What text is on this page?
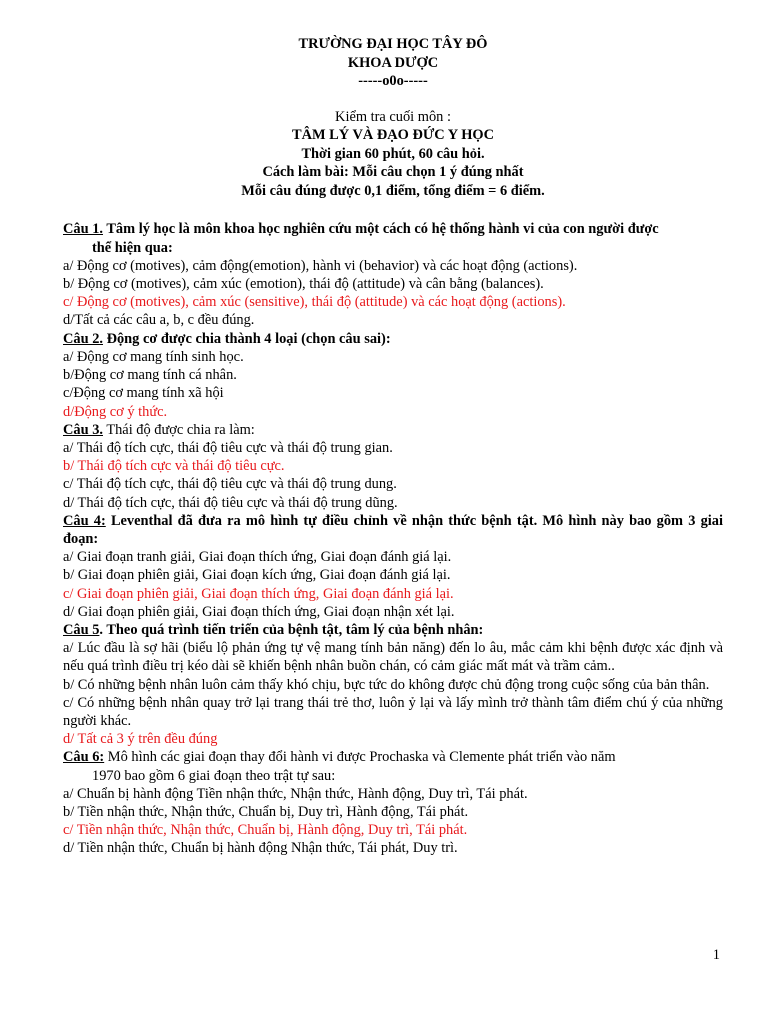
TRƯỜNG ĐẠI HỌC TÂY ĐÔ
KHOA DƯỢC
-----o0o-----
Kiểm tra cuối môn :
TÂM LÝ VÀ ĐẠO ĐỨC Y HỌC
Thời gian 60 phút, 60 câu hỏi.
Cách làm bài: Mỗi câu chọn 1 ý đúng nhất
Mỗi câu đúng được 0,1 điểm, tổng điểm = 6 điểm.
Câu 1. Tâm lý học là môn khoa học nghiên cứu một cách có hệ thống hành vi của con người được
thể hiện qua:
a/ Động cơ (motives), cảm động(emotion), hành vi (behavior) và các hoạt động (actions).
b/ Động cơ (motives), cảm xúc (emotion), thái độ (attitude) và cân bằng (balances).
c/ Động cơ (motives), cảm xúc (sensitive), thái độ (attitude) và các hoạt động (actions).
d/Tất cả các câu a, b, c đều đúng.
Câu 2. Động cơ được chia thành 4 loại (chọn câu sai):
a/ Động cơ mang tính sinh học.
b/Động cơ mang tính cá nhân.
c/Động cơ mang tính xã hội
d/Động cơ ý thức.
Câu 3. Thái độ được chia ra làm:
a/ Thái độ tích cực, thái độ tiêu cực và thái độ trung gian.
b/ Thái độ tích cực và thái độ tiêu cực.
c/ Thái độ tích cực, thái độ tiêu cực và thái độ trung dung.
d/ Thái độ tích cực, thái độ tiêu cực và thái độ trung dũng.
Câu 4: Leventhal đã đưa ra mô hình tự điều chỉnh về nhận thức bệnh tật. Mô hình này bao gồm 3 giai đoạn:
a/ Giai đoạn tranh giải, Giai đoạn thích ứng, Giai đoạn đánh giá lại.
b/ Giai đoạn phiên giải, Giai đoạn kích ứng, Giai đoạn đánh giá lại.
c/ Giai đoạn phiên giải, Giai đoạn thích ứng, Giai đoạn đánh giá lại.
d/ Giai đoạn phiên giải, Giai đoạn thích ứng, Giai đoạn nhận xét lại.
Câu 5. Theo quá trình tiến triển của bệnh tật, tâm lý của bệnh nhân:
a/ Lúc đầu là sợ hãi (biểu lộ phản ứng tự vệ mang tính bản năng) đến lo âu, mắc cảm khi bệnh được xác định và nếu quá trình điều trị kéo dài sẽ khiến bệnh nhân buồn chán, có cảm giác mất mát và trầm cảm..
b/ Có những bệnh nhân luôn cảm thấy khó chịu, bực tức do không được chủ động trong cuộc sống của bản thân.
c/ Có những bệnh nhân quay trở lại trang thái trẻ thơ, luôn ỷ lại và lấy mình trở thành tâm điểm chú ý của những người khác.
d/ Tất cả 3 ý trên đều đúng
Câu 6: Mô hình các giai đoạn thay đổi hành vi được Prochaska và Clemente phát triển vào năm
1970 bao gồm 6 giai đoạn theo trật tự sau:
a/ Chuẩn bị hành động Tiền nhận thức, Nhận thức, Hành động, Duy trì, Tái phát.
b/ Tiền nhận thức, Nhận thức, Chuẩn bị, Duy trì, Hành động, Tái phát.
c/ Tiền nhận thức, Nhận thức, Chuẩn bị, Hành động, Duy trì, Tái phát.
d/ Tiền nhận thức, Chuẩn bị hành động Nhận thức, Tái phát, Duy trì.
1
